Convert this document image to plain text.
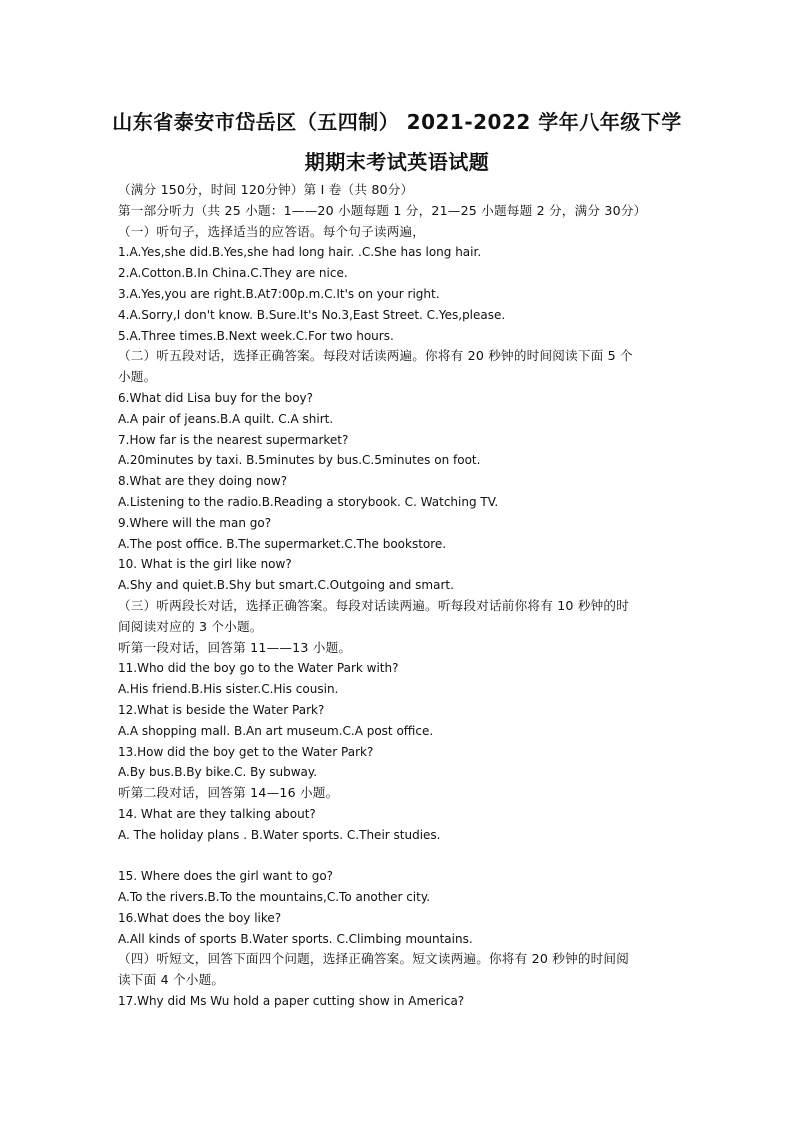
山东省泰安市岱岳区（五四制） 2021-2022 学年八年级下学
期期末考试英语试题
（满分 150分，时间 120分钟）第 I 卷（共 80分）
第一部分听力（共 25 小题：1——20 小题每题 1 分，21—25 小题每题 2 分，满分 30分）
（一）听句子，选择适当的应答语。每个句子读两遍，
1.A.Yes,she did.B.Yes,she had long hair. .C.She has long hair.
2.A.Cotton.B.In China.C.They are nice.
3.A.Yes,you are right.B.At7:00p.m.C.It's on your right.
4.A.Sorry,I don't know. B.Sure.It's No.3,East Street. C.Yes,please.
5.A.Three times.B.Next week.C.For two hours.
（二）听五段对话，选择正确答案。每段对话读两遍。你将有 20 秒钟的时间阅读下面 5 个
小题。
6.What did Lisa buy for the boy?
A.A pair of jeans.B.A quilt. C.A shirt.
7.How far is the nearest supermarket?
A.20minutes by taxi. B.5minutes by bus.C.5minutes on foot.
8.What are they doing now?
A.Listening to the radio.B.Reading a storybook. C. Watching TV.
9.Where will the man go?
A.The post office. B.The supermarket.C.The bookstore.
10. What is the girl like now?
A.Shy and quiet.B.Shy but smart.C.Outgoing and smart.
（三）听两段长对话，选择正确答案。每段对话读两遍。听每段对话前你将有 10 秒钟的时
间阅读对应的 3 个小题。
听第一段对话，回答第 11——13 小题。
11.Who did the boy go to the Water Park with?
A.His friend.B.His sister.C.His cousin.
12.What is beside the Water Park?
A.A shopping mall. B.An art museum.C.A post office.
13.How did the boy get to the Water Park?
A.By bus.B.By bike.C. By subway.
听第二段对话，回答第 14—16 小题。
14. What are they talking about?
A. The holiday plans . B.Water sports. C.Their studies.
15. Where does the girl want to go?
A.To the rivers.B.To the mountains,C.To another city.
16.What does the boy like?
A.All kinds of sports B.Water sports. C.Climbing mountains.
（四）听短文，回答下面四个问题，选择正确答案。短文读两遍。你将有 20 秒钟的时间阅
读下面 4 个小题。
17.Why did Ms Wu hold a paper cutting show in America?
